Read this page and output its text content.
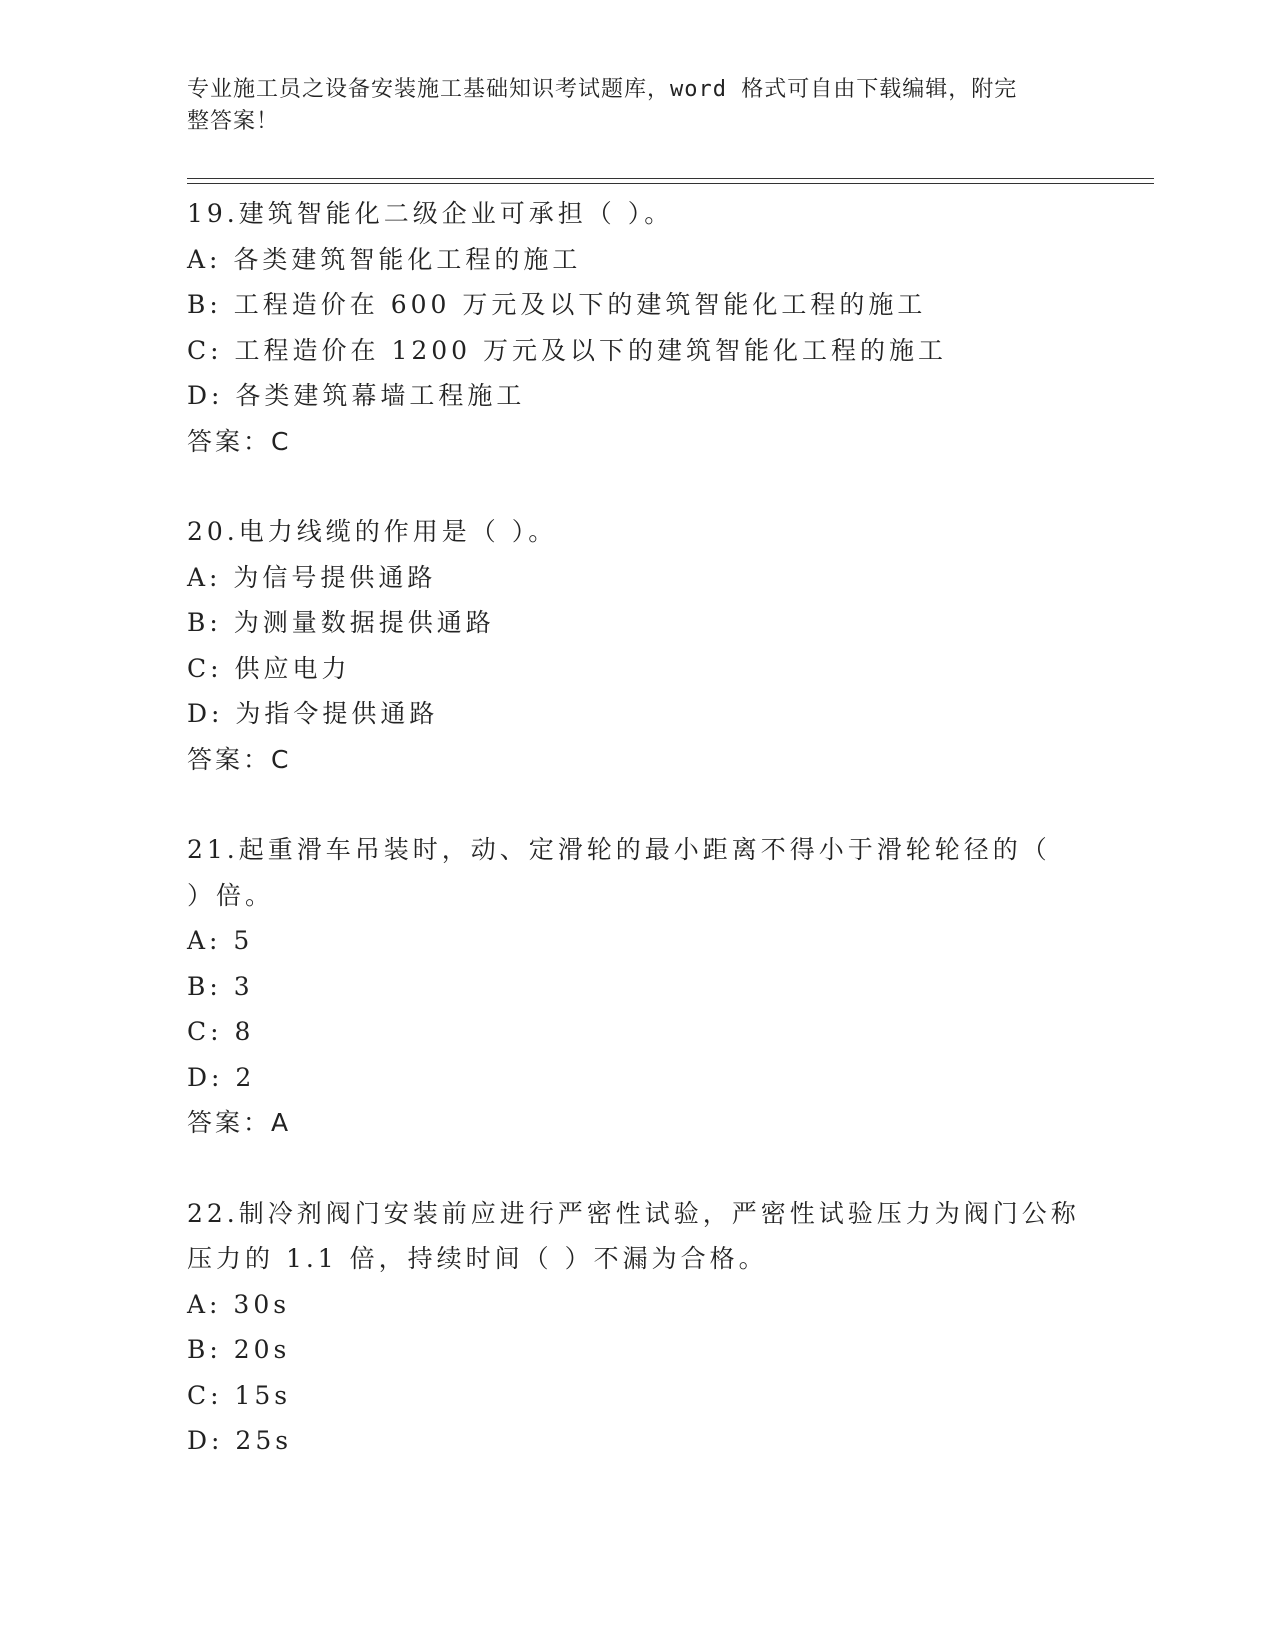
专业施工员之设备安装施工基础知识考试题库，word 格式可自由下载编辑，附完
整答案！
19.建筑智能化二级企业可承担（ ）。
A: 各类建筑智能化工程的施工
B: 工程造价在 600 万元及以下的建筑智能化工程的施工
C: 工程造价在 1200 万元及以下的建筑智能化工程的施工
D: 各类建筑幕墙工程施工
答案：C
20.电力线缆的作用是（ ）。
A: 为信号提供通路
B: 为测量数据提供通路
C: 供应电力
D: 为指令提供通路
答案：C
21.起重滑车吊装时，动、定滑轮的最小距离不得小于滑轮轮径的（
）倍。
A: 5
B: 3
C: 8
D: 2
答案：A
22.制冷剂阀门安装前应进行严密性试验，严密性试验压力为阀门公称
压力的 1.1 倍，持续时间（ ）不漏为合格。
A: 30s
B: 20s
C: 15s
D: 25s
